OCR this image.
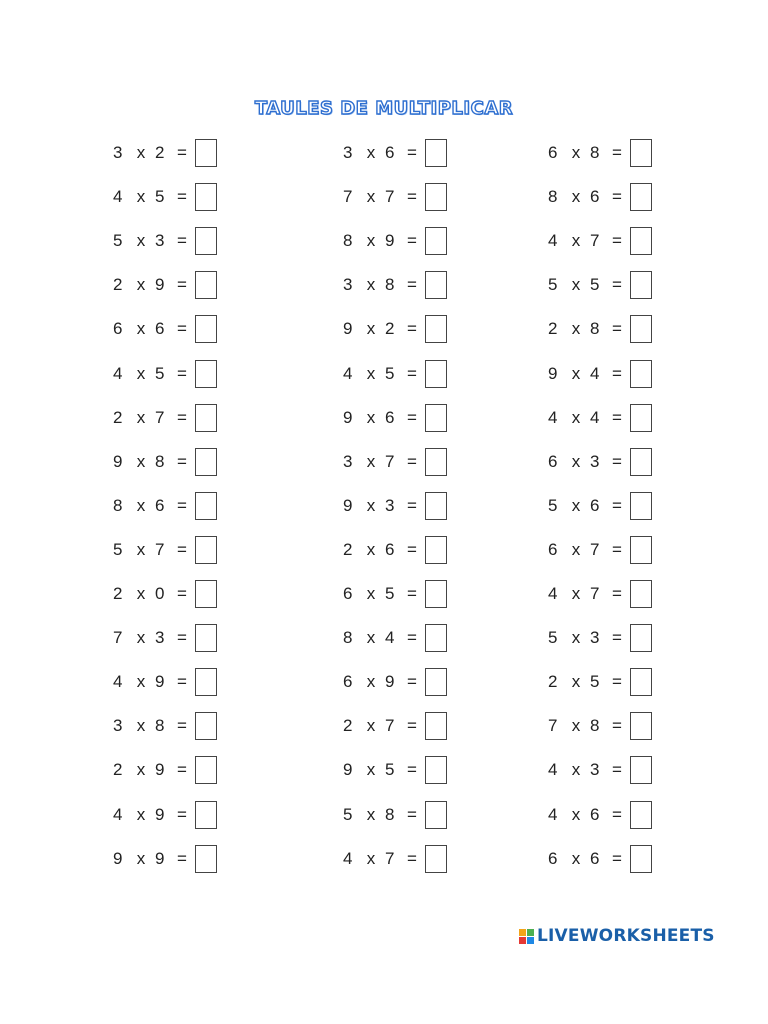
TAULES DE MULTIPLICAR
3 x 2 =
4 x 5 =
5 x 3 =
2 x 9 =
6 x 6 =
4 x 5 =
2 x 7 =
9 x 8 =
8 x 6 =
5 x 7 =
2 x 0 =
7 x 3 =
4 x 9 =
3 x 8 =
2 x 9 =
4 x 9 =
9 x 9 =
3 x 6 =
7 x 7 =
8 x 9 =
3 x 8 =
9 x 2 =
4 x 5 =
9 x 6 =
3 x 7 =
9 x 3 =
2 x 6 =
6 x 5 =
8 x 4 =
6 x 9 =
2 x 7 =
9 x 5 =
5 x 8 =
4 x 7 =
6 x 8 =
8 x 6 =
4 x 7 =
5 x 5 =
2 x 8 =
9 x 4 =
4 x 4 =
6 x 3 =
5 x 6 =
6 x 7 =
4 x 7 =
5 x 3 =
2 x 5 =
7 x 8 =
4 x 3 =
4 x 6 =
6 x 6 =
LIVEWORKSHEETS
